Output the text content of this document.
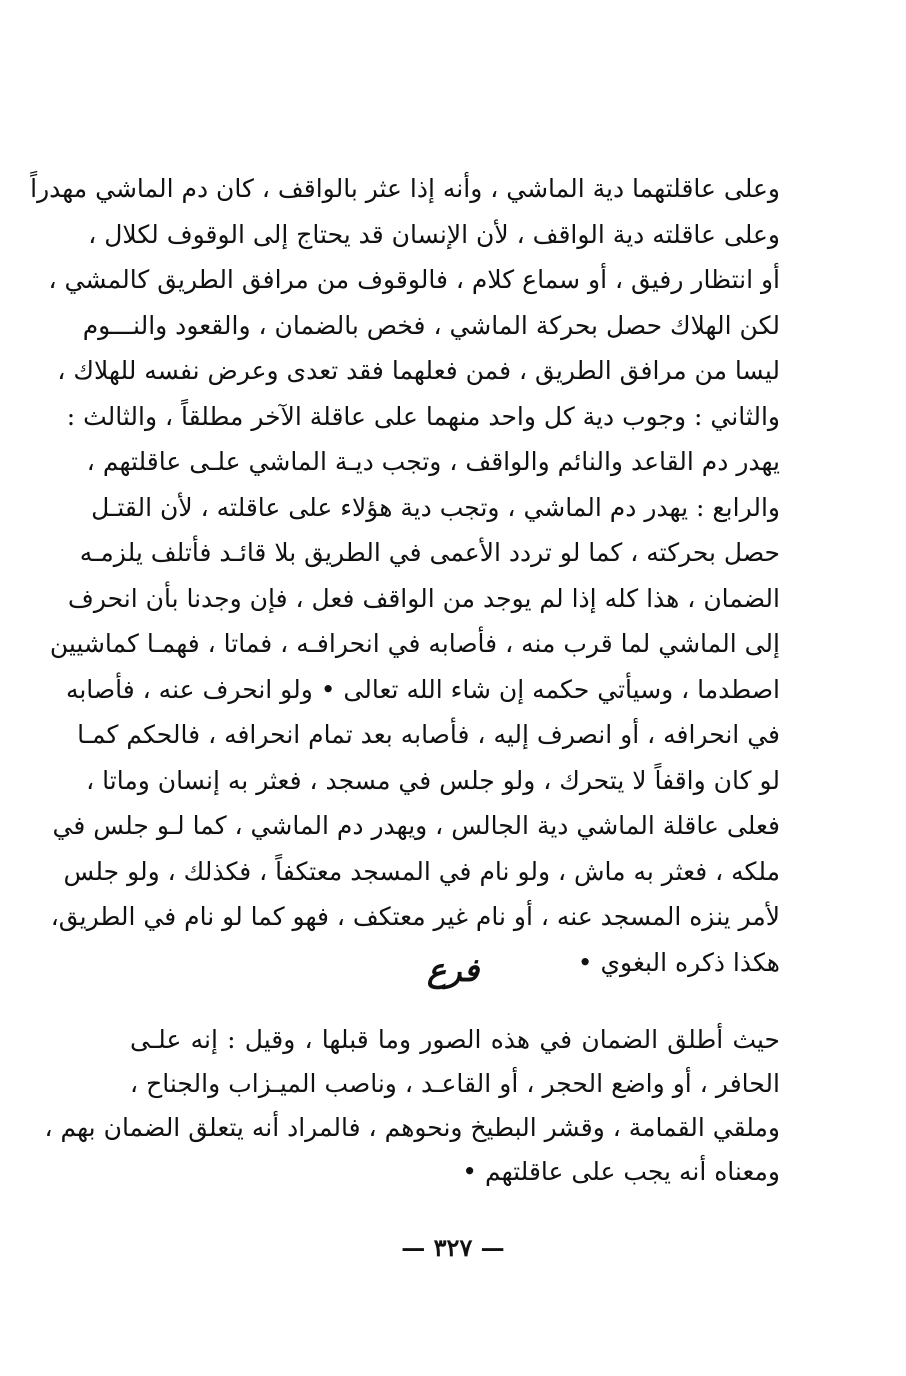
وعلى عاقلتهما دية الماشي ، وأنه إذا عثر بالواقف ، كان دم الماشي مهدراً
وعلى عاقلته دية الواقف ، لأن الإنسان قد يحتاج إلى الوقوف لكلال ،
أو انتظار رفيق ، أو سماع كلام ، فالوقوف من مرافق الطريق كالمشي ،
لكن الهلاك حصل بحركة الماشي ، فخص بالضمان ، والقعود والنـــوم
ليسا من مرافق الطريق ، فمن فعلهما فقد تعدى وعرض نفسه للهلاك ،
والثاني : وجوب دية كل واحد منهما على عاقلة الآخر مطلقاً ، والثالث :
يهدر دم القاعد والنائم والواقف ، وتجب ديـة الماشي علـى عاقلتهم ،
والرابع : يهدر دم الماشي ، وتجب دية هؤلاء على عاقلته ، لأن القتـل
حصل بحركته ، كما لو تردد الأعمى في الطريق بلا قائـد فأتلف يلزمـه
الضمان ، هذا كله إذا لم يوجد من الواقف فعل ، فإن وجدنا بأن انحرف
إلى الماشي لما قرب منه ، فأصابه في انحرافـه ، فماتا ، فهمـا كماشيين
اصطدما ، وسيأتي حكمه إن شاء الله تعالى • ولو انحرف عنه ، فأصابه
في انحرافه ، أو انصرف إليه ، فأصابه بعد تمام انحرافه ، فالحكم كمـا
لو كان واقفاً لا يتحرك ، ولو جلس في مسجد ، فعثر به إنسان وماتا ،
فعلى عاقلة الماشي دية الجالس ، ويهدر دم الماشي ، كما لـو جلس في
ملكه ، فعثر به ماش ، ولو نام في المسجد معتكفاً ، فكذلك ، ولو جلس
لأمر ينزه المسجد عنه ، أو نام غير معتكف ، فهو كما لو نام في الطريق،
هكذا ذكره البغوي •
فرع
حيث أطلق الضمان في هذه الصور وما قبلها ، وقيل : إنه علـى
الحافر ، أو واضع الحجر ، أو القاعـد ، وناصب الميـزاب والجناح ،
وملقي القمامة ، وقشر البطيخ ونحوهم ، فالمراد أنه يتعلق الضمان بهم ،
ومعناه أنه يجب على عاقلتهم •
— ٣٢٧ —
